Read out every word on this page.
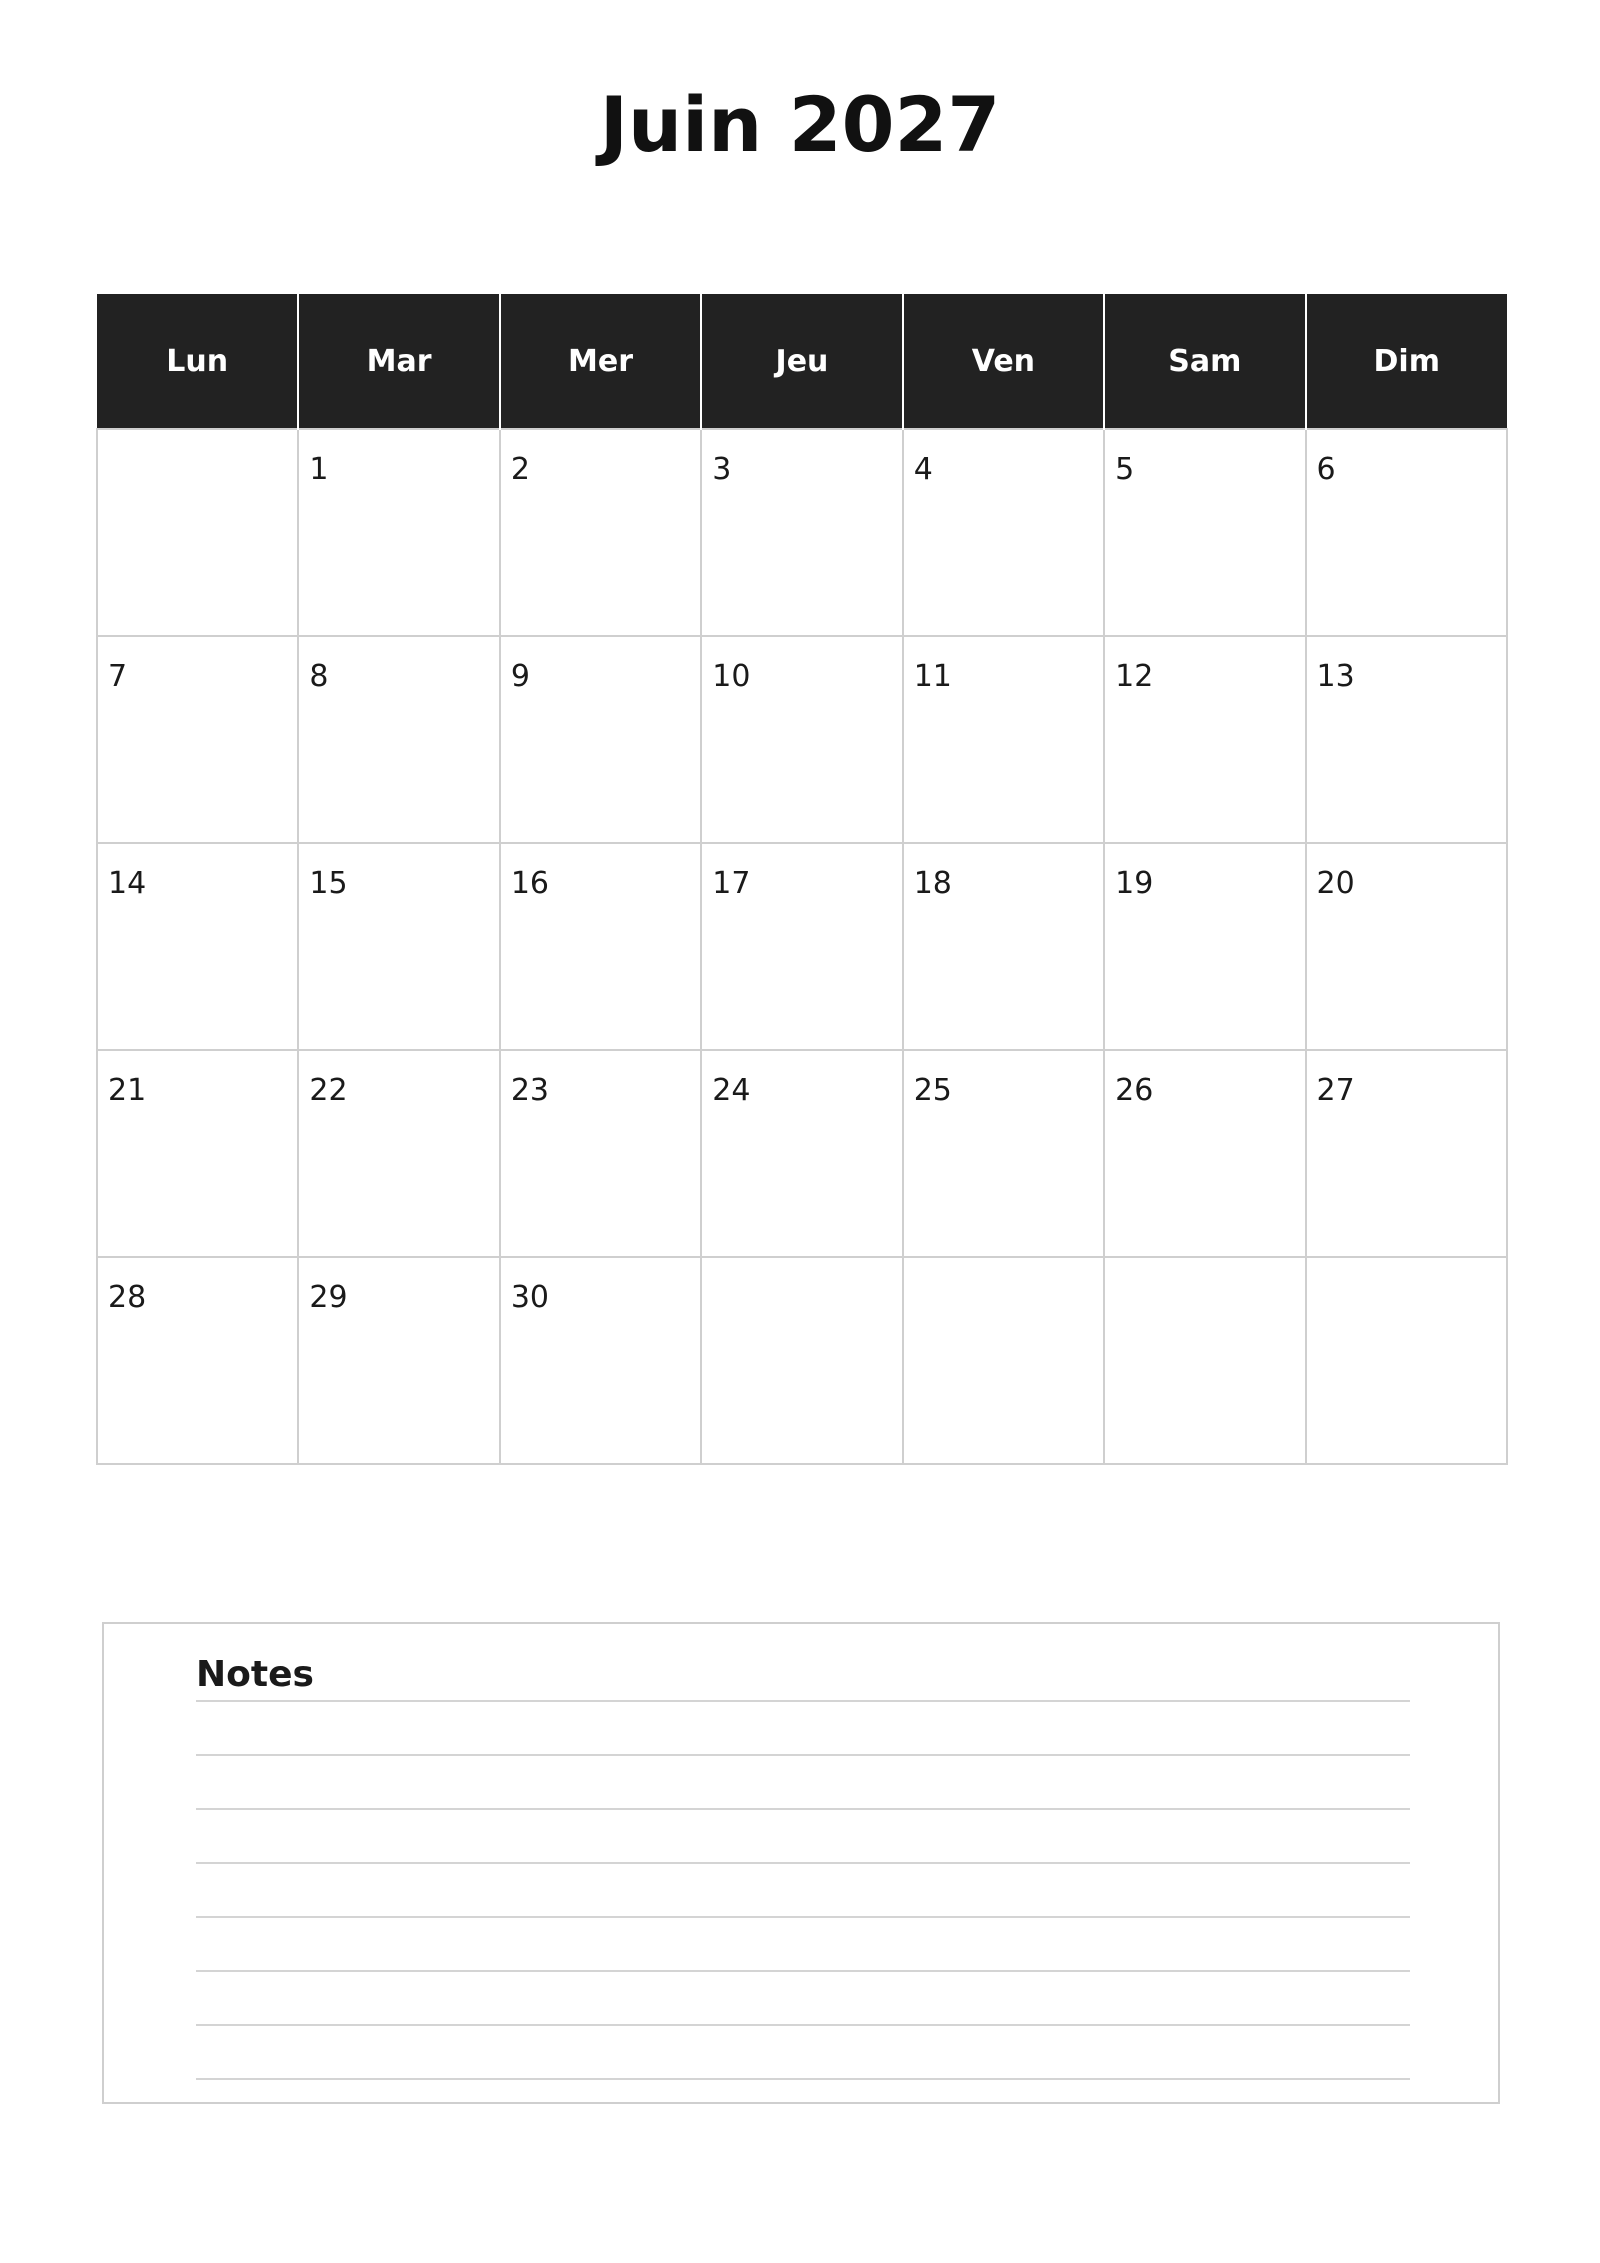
Juin 2027
Lun	Mar	Mer	Jeu	Ven	Sam	Dim

	1	2	3	4	5	6

7	8	9	10	11	12	13

14	15	16	17	18	19	20

21	22	23	24	25	26	27

28	29	30				

Notes
